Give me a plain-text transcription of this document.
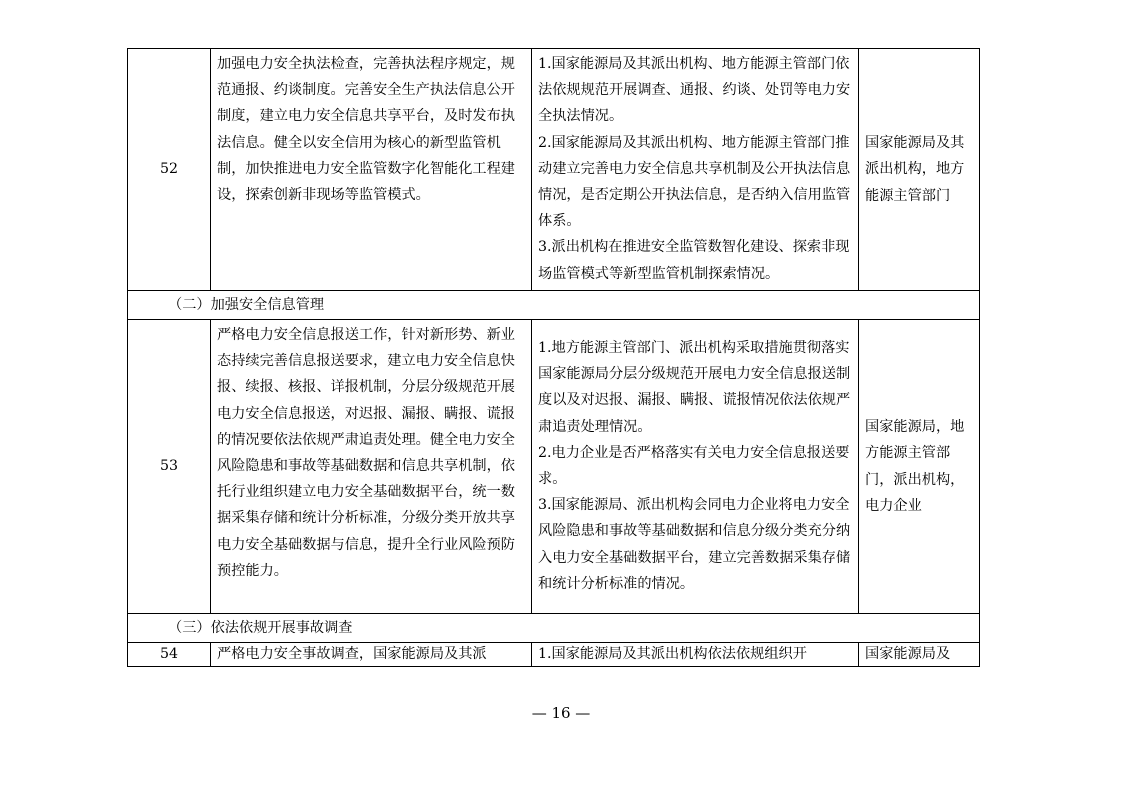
52	加强电力安全执法检查，完善执法程序规定，规范通报、约谈制度。完善安全生产执法信息公开制度，建立电力安全信息共享平台，及时发布执法信息。健全以安全信用为核心的新型监管机制，加快推进电力安全监管数字化智能化工程建设，探索创新非现场等监管模式。	1.国家能源局及其派出机构、地方能源主管部门依法依规规范开展调查、通报、约谈、处罚等电力安全执法情况。
2.国家能源局及其派出机构、地方能源主管部门推动建立完善电力安全信息共享机制及公开执法信息情况，是否定期公开执法信息，是否纳入信用监管体系。
3.派出机构在推进安全监管数智化建设、探索非现场监管模式等新型监管机制探索情况。	国家能源局及其派出机构，地方能源主管部门
（二）加强安全信息管理			
53	严格电力安全信息报送工作，针对新形势、新业态持续完善信息报送要求，建立电力安全信息快报、续报、核报、详报机制，分层分级规范开展电力安全信息报送，对迟报、漏报、瞒报、谎报的情况要依法依规严肃追责处理。健全电力安全风险隐患和事故等基础数据和信息共享机制，依托行业组织建立电力安全基础数据平台，统一数据采集存储和统计分析标准，分级分类开放共享电力安全基础数据与信息，提升全行业风险预防预控能力。	1.地方能源主管部门、派出机构采取措施贯彻落实国家能源局分层分级规范开展电力安全信息报送制度以及对迟报、漏报、瞒报、谎报情况依法依规严肃追责处理情况。
2.电力企业是否严格落实有关电力安全信息报送要求。
3.国家能源局、派出机构会同电力企业将电力安全风险隐患和事故等基础数据和信息分级分类充分纳入电力安全基础数据平台，建立完善数据采集存储和统计分析标准的情况。	国家能源局，地方能源主管部门，派出机构，电力企业
（三）依法依规开展事故调查			
54	严格电力安全事故调查，国家能源局及其派	1.国家能源局及其派出机构依法依规组织开	国家能源局及
— 16 —
